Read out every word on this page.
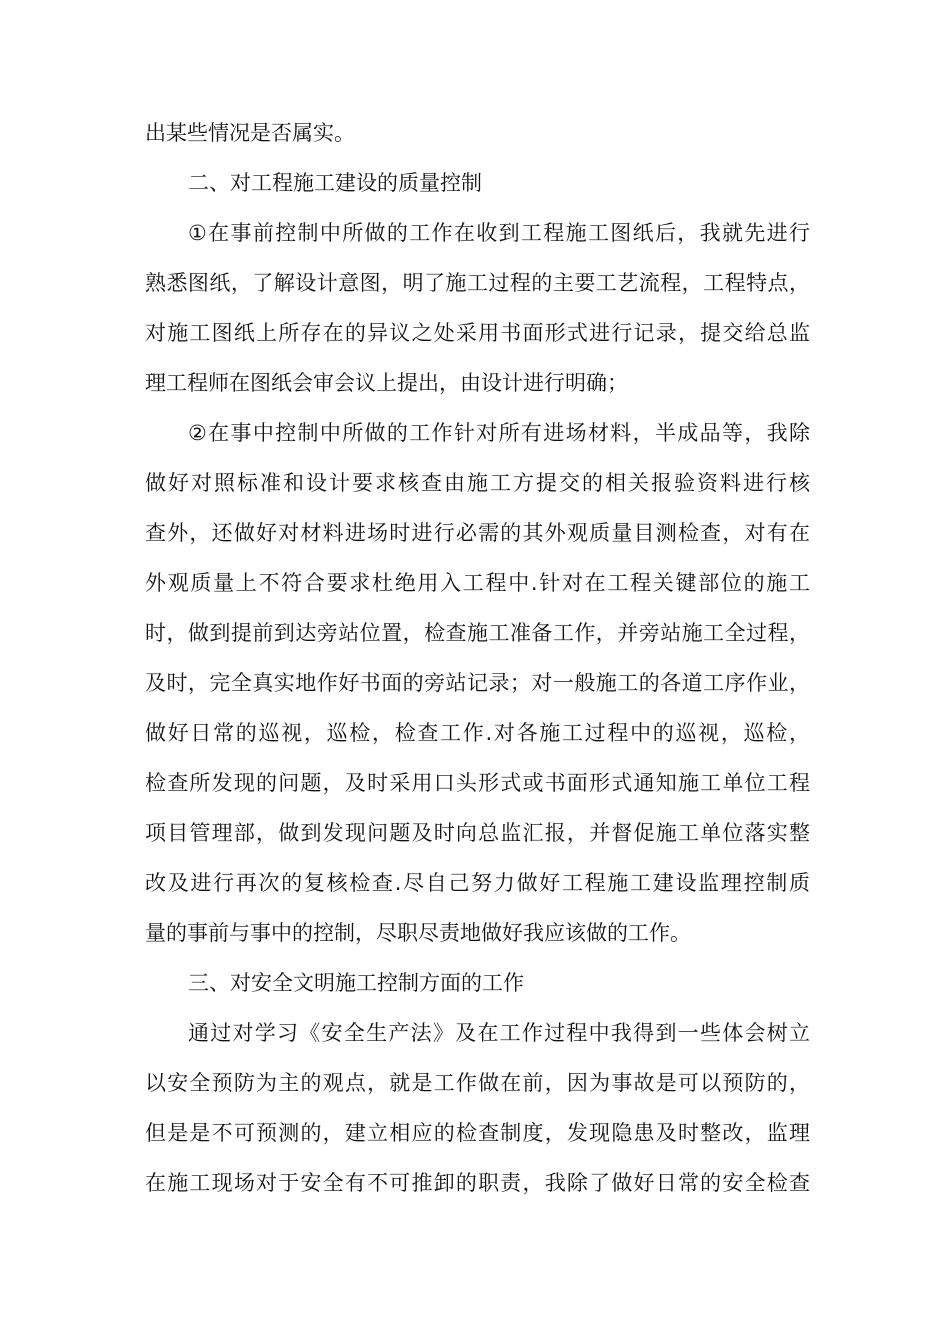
出某些情况是否属实。
二、对工程施工建设的质量控制
①在事前控制中所做的工作在收到工程施工图纸后，我就先进行
熟悉图纸，了解设计意图，明了施工过程的主要工艺流程，工程特点，
对施工图纸上所存在的异议之处采用书面形式进行记录，提交给总监
理工程师在图纸会审会议上提出，由设计进行明确；
②在事中控制中所做的工作针对所有进场材料，半成品等，我除
做好对照标准和设计要求核查由施工方提交的相关报验资料进行核
查外，还做好对材料进场时进行必需的其外观质量目测检查，对有在
外观质量上不符合要求杜绝用入工程中.针对在工程关键部位的施工
时，做到提前到达旁站位置，检查施工准备工作，并旁站施工全过程，
及时，完全真实地作好书面的旁站记录；对一般施工的各道工序作业，
做好日常的巡视，巡检，检查工作.对各施工过程中的巡视，巡检，
检查所发现的问题，及时采用口头形式或书面形式通知施工单位工程
项目管理部，做到发现问题及时向总监汇报，并督促施工单位落实整
改及进行再次的复核检查.尽自己努力做好工程施工建设监理控制质
量的事前与事中的控制，尽职尽责地做好我应该做的工作。
三、对安全文明施工控制方面的工作
通过对学习《安全生产法》及在工作过程中我得到一些体会树立
以安全预防为主的观点，就是工作做在前，因为事故是可以预防的，
但是是不可预测的，建立相应的检查制度，发现隐患及时整改，监理
在施工现场对于安全有不可推卸的职责，我除了做好日常的安全检查
